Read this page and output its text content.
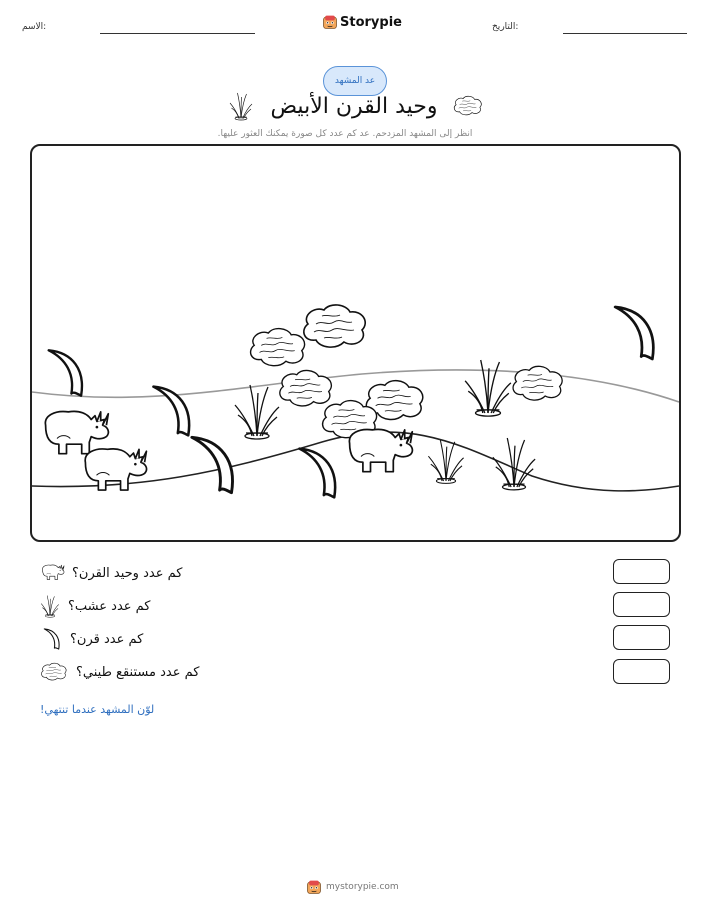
الاسم:	Storypie	التاريخ:
عد المشهد
وحيد القرن الأبيض
انظر إلى المشهد المزدحم. عد كم عدد كل صورة يمكنك العثور عليها.
كم عدد وحيد القرن؟
كم عدد عشب؟
كم عدد قرن؟
كم عدد مستنقع طيني؟
لوّن المشهد عندما تنتهي!
mystorypie.com
